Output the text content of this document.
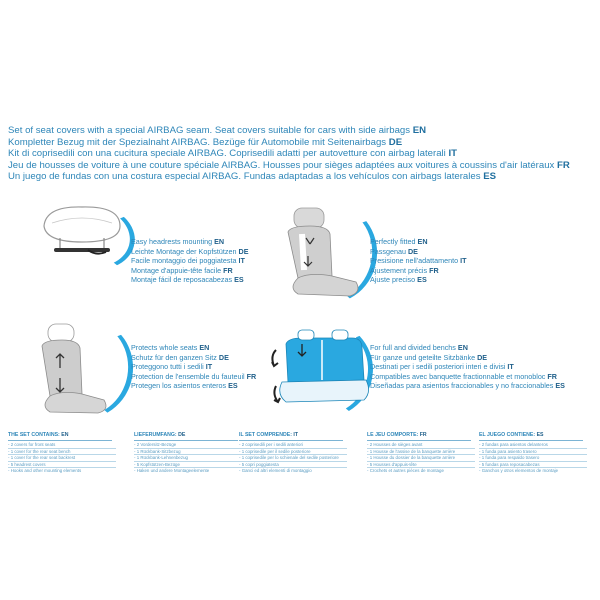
Set of seat covers with a special AIRBAG seam. Seat covers suitable for cars with side airbags EN
Kompletter Bezug mit der Spezialnaht AIRBAG. Bezüge für Automobile mit Seitenairbags DE
Kit di coprisedili con una cucitura speciale AIRBAG. Coprisedili adatti per autovetture con airbag laterali IT
Jeu de housses de voiture à une couture spéciale AIRBAG. Housses pour sièges adaptées aux voitures à coussins d'air latéraux FR
Un juego de fundas con una costura especial AIRBAG. Fundas adaptadas a los vehículos con airbags laterales ES
Easy headrests mounting EN
Leichte Montage der Kopfstützen DE
Facile montaggio dei poggiatesta IT
Montage d'appuie-tête facile FR
Montaje fácil de reposacabezas ES
Perfectly fitted EN
Passgenau DE
Presisione nell'adattamento IT
Ajustement précis FR
Ajuste preciso ES
Protects whole seats EN
Schutz für den ganzen Sitz DE
Proteggono tutti i sedili IT
Protection de l'ensemble du fauteuil FR
Protegen los asientos enteros ES
For full and divided benchs EN
Für ganze und geteilte Sitzbänke DE
Destinati per i sedili posteriori interi e divisi IT
Compatibles avec banquette fractionnable et monobloc FR
Diseñadas para asientos fraccionables y no fraccionables ES
THE SET CONTAINS: EN
- 2 covers for front seats
- 1 cover for the rear seat bench
- 1 cover for the rear seat backrest
- 5 headrest covers
- Hooks and other mounting elements
LIEFERUMFANG: DE
- 2 Vordersitz-Bezüge
- 1 Rückbank-Sitzbezug
- 1 Rückbank-Lehnenbezug
- 5 Kopfstützen-Bezüge
- Haken und andere Montageelemente
IL SET COMPRENDE: IT
- 2 coprisedili per i sedili anteriori
- 1 coprisedile per il sedile posteriore
- 1 coprisedile per lo schienale del sedile posteriore
- 5 copri poggiatesta
- Ganci ed altri elementi di montaggio
LE JEU COMPORTE: FR
- 2 Housses de sièges avant
- 1 Housse de l'assise de la banquette arrière
- 1 Housse du dossier de la banquette arrière
- 5 Housses d'appuis-tête
- Crochets et autres pièces de montage
EL JUEGO CONTIENE: ES
- 2 fundas para asientos delanteros
- 1 funda para asiento trasero
- 1 funda para respaldo trasero
- 5 fundas para reposacabezas
- Ganchos y otros elementos de montaje
